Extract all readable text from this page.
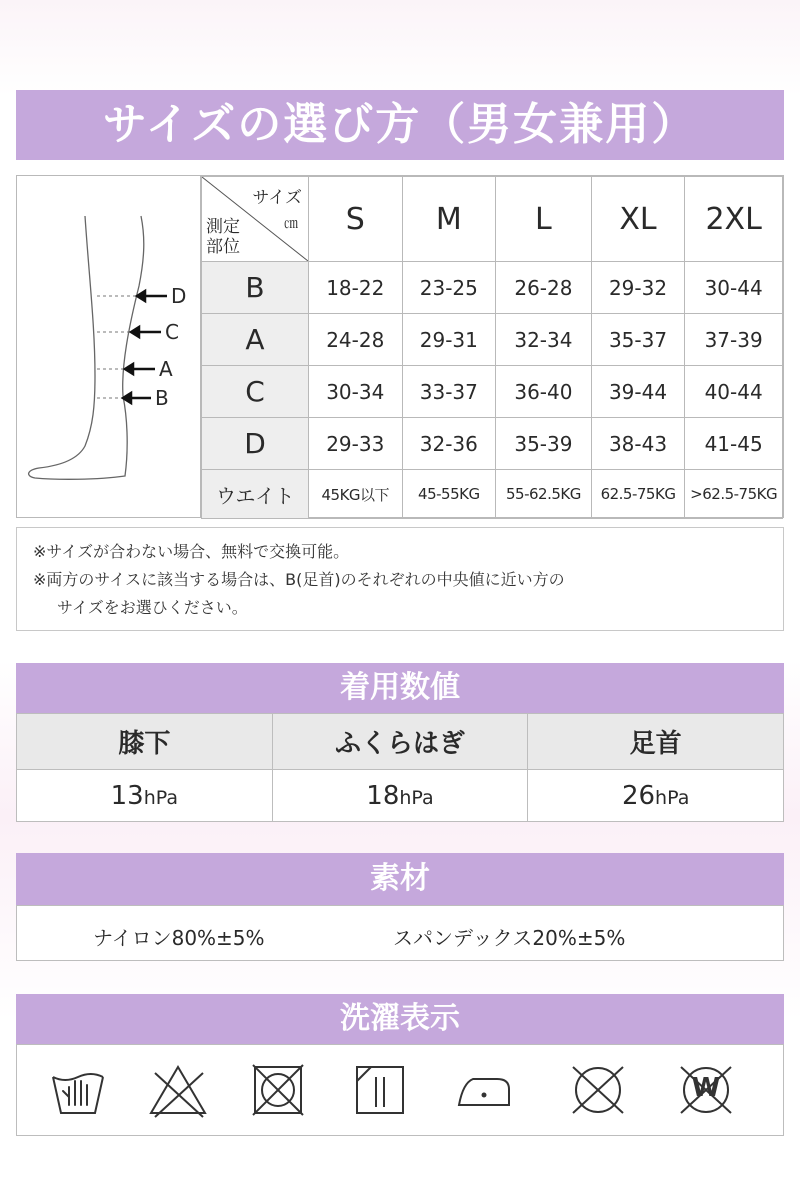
サイズの選び方（男女兼用）
D
C
A
B
サイズ
㎝
測定
部位	S	M	L	XL	2XL
B	18-22	23-25	26-28	29-32	30-44
A	24-28	29-31	32-34	35-37	37-39
C	30-34	33-37	36-40	39-44	40-44
D	29-33	32-36	35-39	38-43	41-45
ウエイト	45KG以下	45-55KG	55-62.5KG	62.5-75KG	>62.5-75KG
※サイズが合わない場合、無料で交換可能。
※両方のサイスに該当する場合は、B(足首)のそれぞれの中央値に近い方の
サイズをお選ひください。
着用数値
膝下	ふくらはぎ	足首
13hPa	18hPa	26hPa
素材
ナイロン80%±5%	スパンデックス20%±5%
洗濯表示
W
